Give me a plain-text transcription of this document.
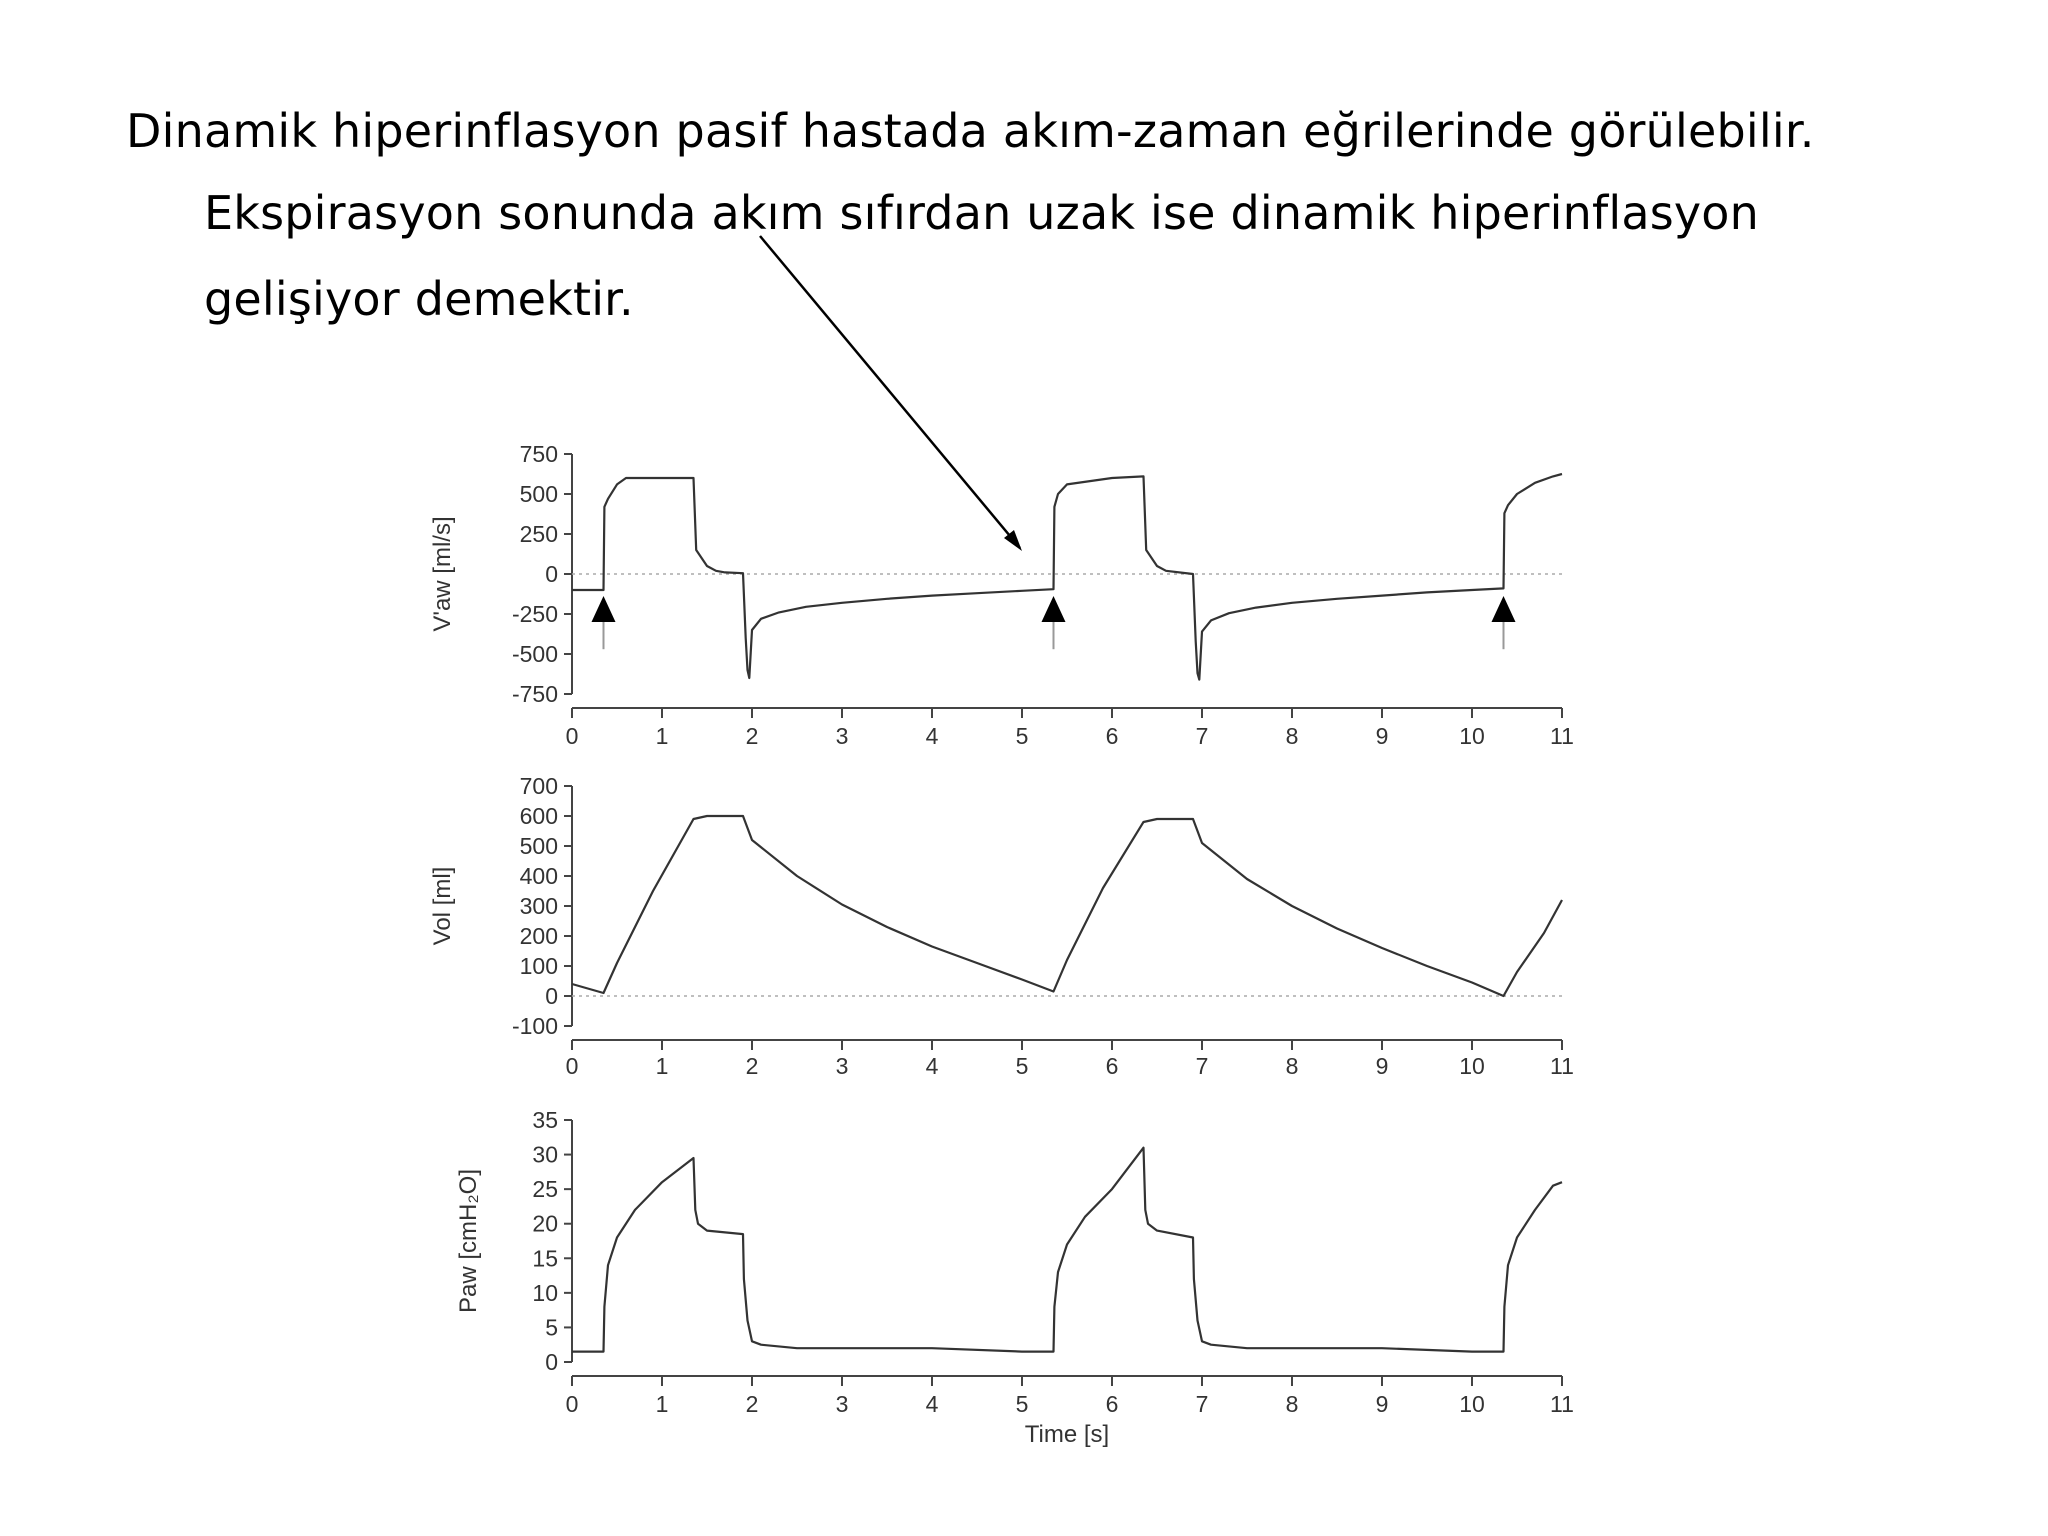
Dinamik hiperinflasyon pasif hastada akım-zaman eğrilerinde görülebilir.
Ekspirasyon sonunda akım sıfırdan uzak ise dinamik hiperinflasyon
gelişiyor demektir.
750
500
250
0
-250
-500
-750
0	1	2	3	4	5	6	7	8	9	10	11
V'aw [ml/s]
700
600
500
400
300
200
100
0
-100
0	1	2	3	4	5	6	7	8	9	10	11
Vol [ml]
35
30
25
20
15
10
5
0
0	1	2	3	4	5	6	7	8	9	10	11
Paw [cmH₂O]
Time [s]
